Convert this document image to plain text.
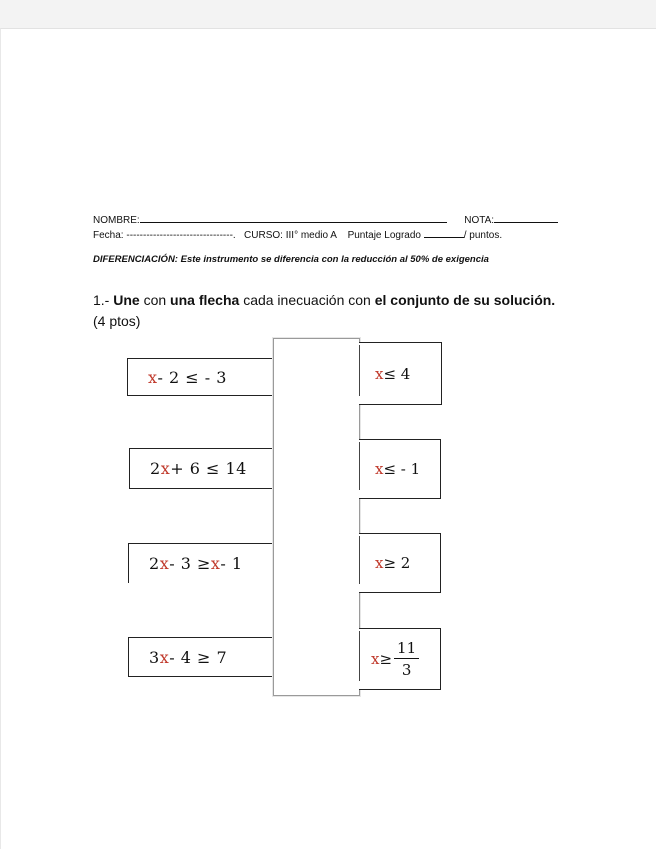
NOMBRE:	NOTA:
Fecha: --------------------------------. CURSO: III° medio A Puntaje Logrado	/ puntos.
DIFERENCIACIÓN: Este instrumento se diferencia con la reducción al 50% de exigencia
1.- Une con una flecha cada inecuación con el conjunto de su solución.
(4 ptos)
x - 2 ≤ - 3
2 x + 6 ≤ 14
2 x - 3 ≥ x - 1
3 x - 4 ≥ 7
x ≤ 4
x ≤ - 1
x ≥ 2
$x \ge \frac{11}{3}$
